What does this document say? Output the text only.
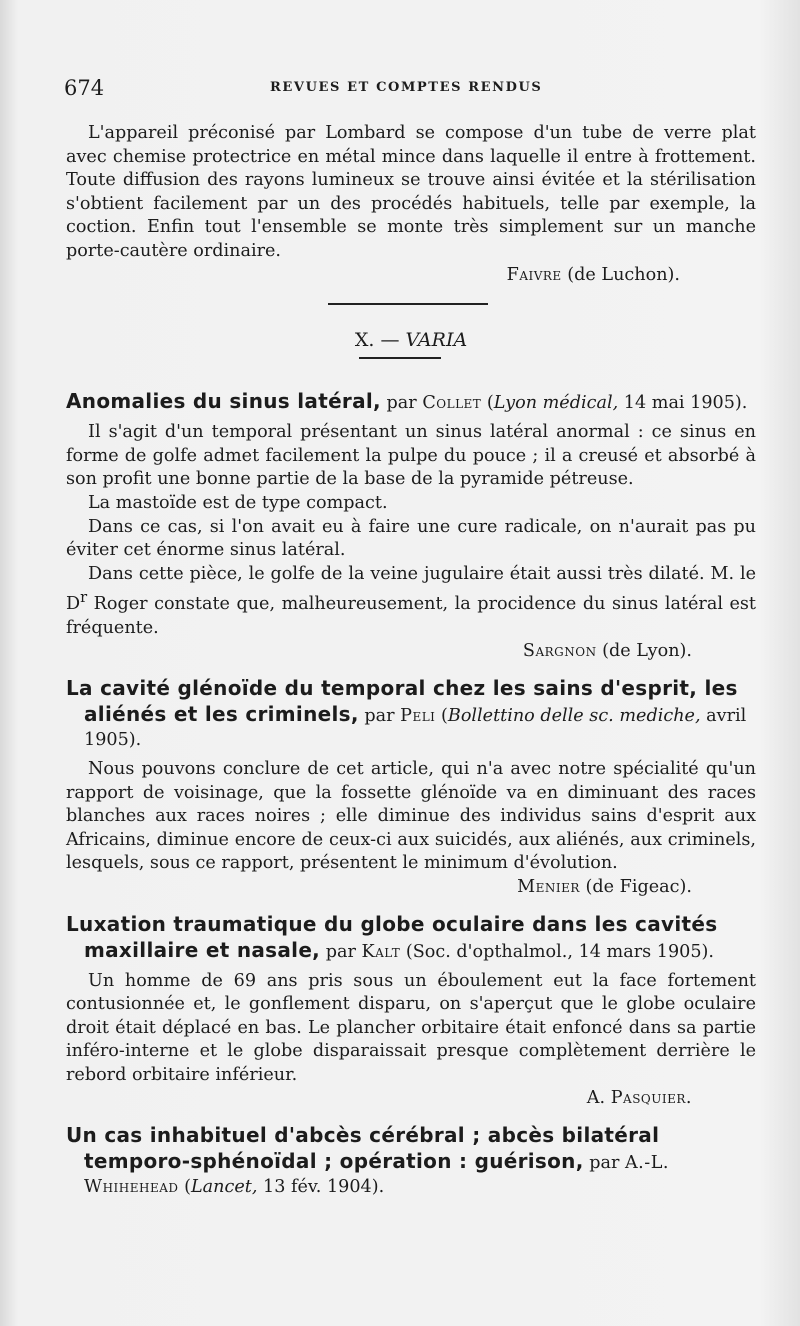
674	REVUES ET COMPTES RENDUS

L'appareil préconisé par Lombard se compose d'un tube de verre plat avec chemise protectrice en métal mince dans laquelle il entre à frottement. Toute diffusion des rayons lumineux se trouve ainsi évitée et la stérilisation s'obtient facilement par un des procédés habituels, telle par exemple, la coction. Enfin tout l'ensemble se monte très simplement sur un manche porte-cautère ordinaire.

Faivre (de Luchon).

X. — VARIA

Anomalies du sinus latéral, par Collet (Lyon médical, 14 mai 1905).

Il s'agit d'un temporal présentant un sinus latéral anormal : ce sinus en forme de golfe admet facilement la pulpe du pouce ; il a creusé et absorbé à son profit une bonne partie de la base de la pyramide pétreuse.

La mastoïde est de type compact.

Dans ce cas, si l'on avait eu à faire une cure radicale, on n'aurait pas pu éviter cet énorme sinus latéral.

Dans cette pièce, le golfe de la veine jugulaire était aussi très dilaté. M. le $D^r$ Roger constate que, malheureusement, la procidence du sinus latéral est fréquente.

Sargnon (de Lyon).

La cavité glénoïde du temporal chez les sains d'esprit, les aliénés et les criminels, par Peli (Bollettino delle sc. mediche, avril 1905).

Nous pouvons conclure de cet article, qui n'a avec notre spécialité qu'un rapport de voisinage, que la fossette glénoïde va en diminuant des races blanches aux races noires ; elle diminue des individus sains d'esprit aux Africains, diminue encore de ceux-ci aux suicidés, aux aliénés, aux criminels, lesquels, sous ce rapport, présentent le minimum d'évolution.

Menier (de Figeac).

Luxation traumatique du globe oculaire dans les cavités maxillaire et nasale, par Kalt (Soc. d'opthalmol., 14 mars 1905).

Un homme de 69 ans pris sous un éboulement eut la face fortement contusionnée et, le gonflement disparu, on s'aperçut que le globe oculaire droit était déplacé en bas. Le plancher orbitaire était enfoncé dans sa partie inféro-interne et le globe disparaissait presque complètement derrière le rebord orbitaire inférieur.

A. Pasquier.

Un cas inhabituel d'abcès cérébral ; abcès bilatéral temporo-sphénoïdal ; opération : guérison, par A.-L. Whihehead (Lancet, 13 fév. 1904).
